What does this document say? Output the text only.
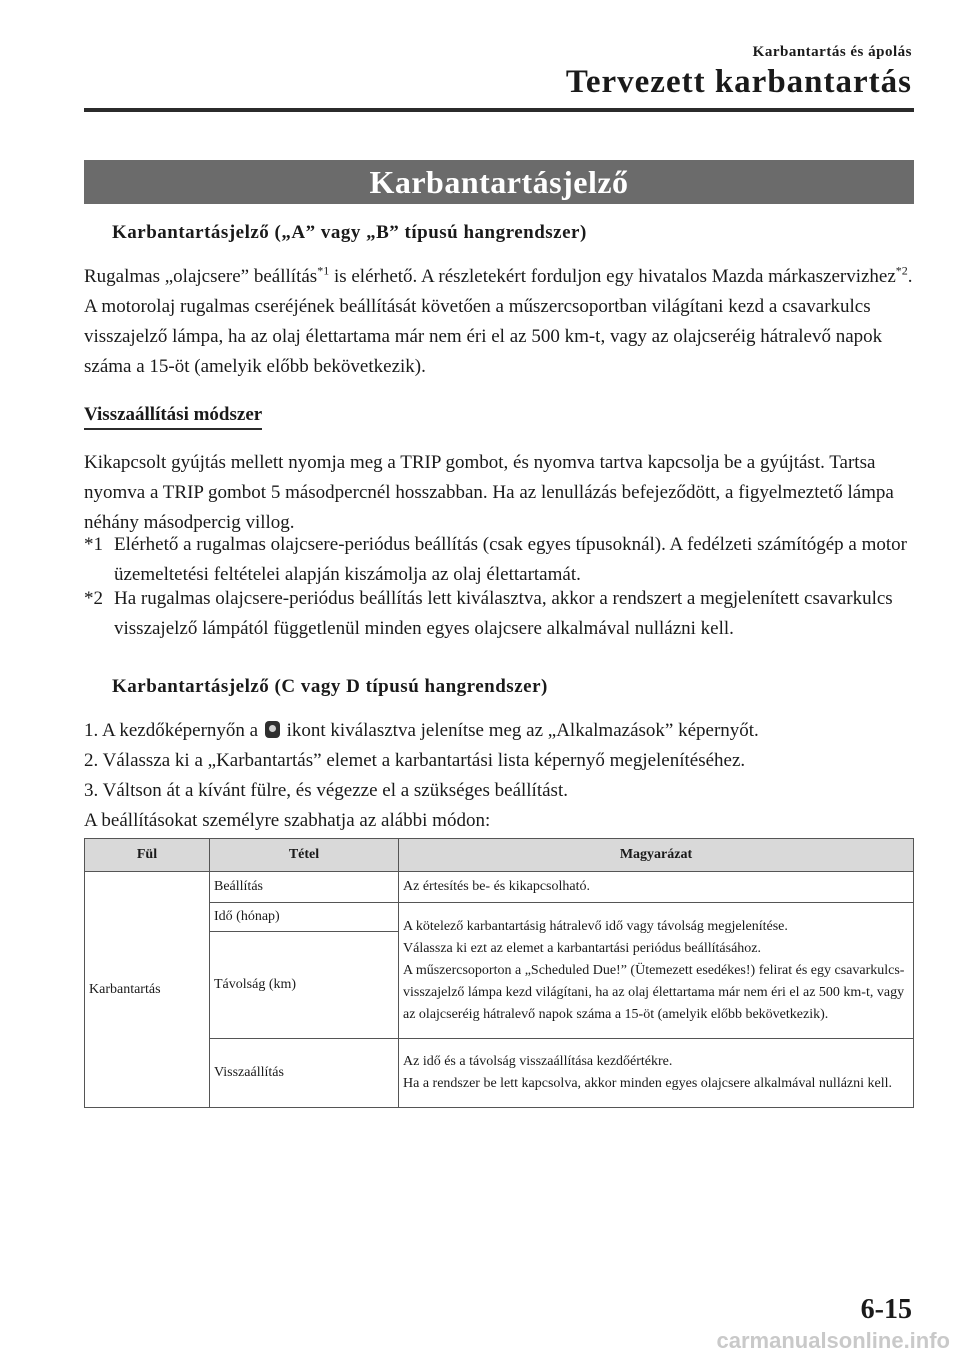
Karbantartás és ápolás
Tervezett karbantartás
Karbantartásjelző
Karbantartásjelző („A” vagy „B” típusú hangrendszer)

Rugalmas „olajcsere” beállítás$^{*1}$ is elérhető. A részletekért forduljon egy hivatalos Mazda márkaszervizhez$^{*2}$. A motorolaj rugalmas cseréjének beállítását követően a műszercsoportban világítani kezd a csavarkulcs visszajelző lámpa, ha az olaj élettartama már nem éri el az 500 km-t, vagy az olajcseréig hátralevő napok száma a 15-öt (amelyik előbb bekövetkezik).

Visszaállítási módszer
Kikapcsolt gyújtás mellett nyomja meg a TRIP gombot, és nyomva tartva kapcsolja be a gyújtást. Tartsa nyomva a TRIP gombot 5 másodpercnél hosszabban. Ha az lenullázás befejeződött, a figyelmeztető lámpa néhány másodpercig villog.
*1 Elérhető a rugalmas olajcsere-periódus beállítás (csak egyes típusoknál). A fedélzeti számítógép a motor üzemeltetési feltételei alapján kiszámolja az olaj élettartamát.
*2 Ha rugalmas olajcsere-periódus beállítás lett kiválasztva, akkor a rendszert a megjelenített csavarkulcs visszajelző lámpától függetlenül minden egyes olajcsere alkalmával nullázni kell.
Karbantartásjelző (C vagy D típusú hangrendszer)
1. A kezdőképernyőn a  ikont kiválasztva jelenítse meg az „Alkalmazások” képernyőt.
2. Válassza ki a „Karbantartás” elemet a karbantartási lista képernyő megjelenítéséhez.
3. Váltson át a kívánt fülre, és végezze el a szükséges beállítást.
A beállításokat személyre szabhatja az alábbi módon:
Fül	Tétel	Magyarázat
Karbantartás	Beállítás	Az értesítés be- és kikapcsolható.

	Idő (hónap)	A kötelező karbantartásig hátralevő idő vagy távolság megjelenítése.
Válassza ki ezt az elemet a karbantartási periódus beállításához.
A műszercsoporton a „Scheduled Due!” (Ütemezett esedékes!) felirat és egy csavarkulcs-visszajelző lámpa kezd világítani, ha az olaj élettartama már nem éri el az 500 km-t, vagy az olajcseréig hátralevő napok száma a 15-öt (amelyik előbb bekövetkezik).

	Távolság (km)	
	Visszaállítás	Az idő és a távolság visszaállítása kezdőértékre.
Ha a rendszer be lett kapcsolva, akkor minden egyes olajcsere alkalmával nullázni kell.
6-15
carmanualsonline.info
